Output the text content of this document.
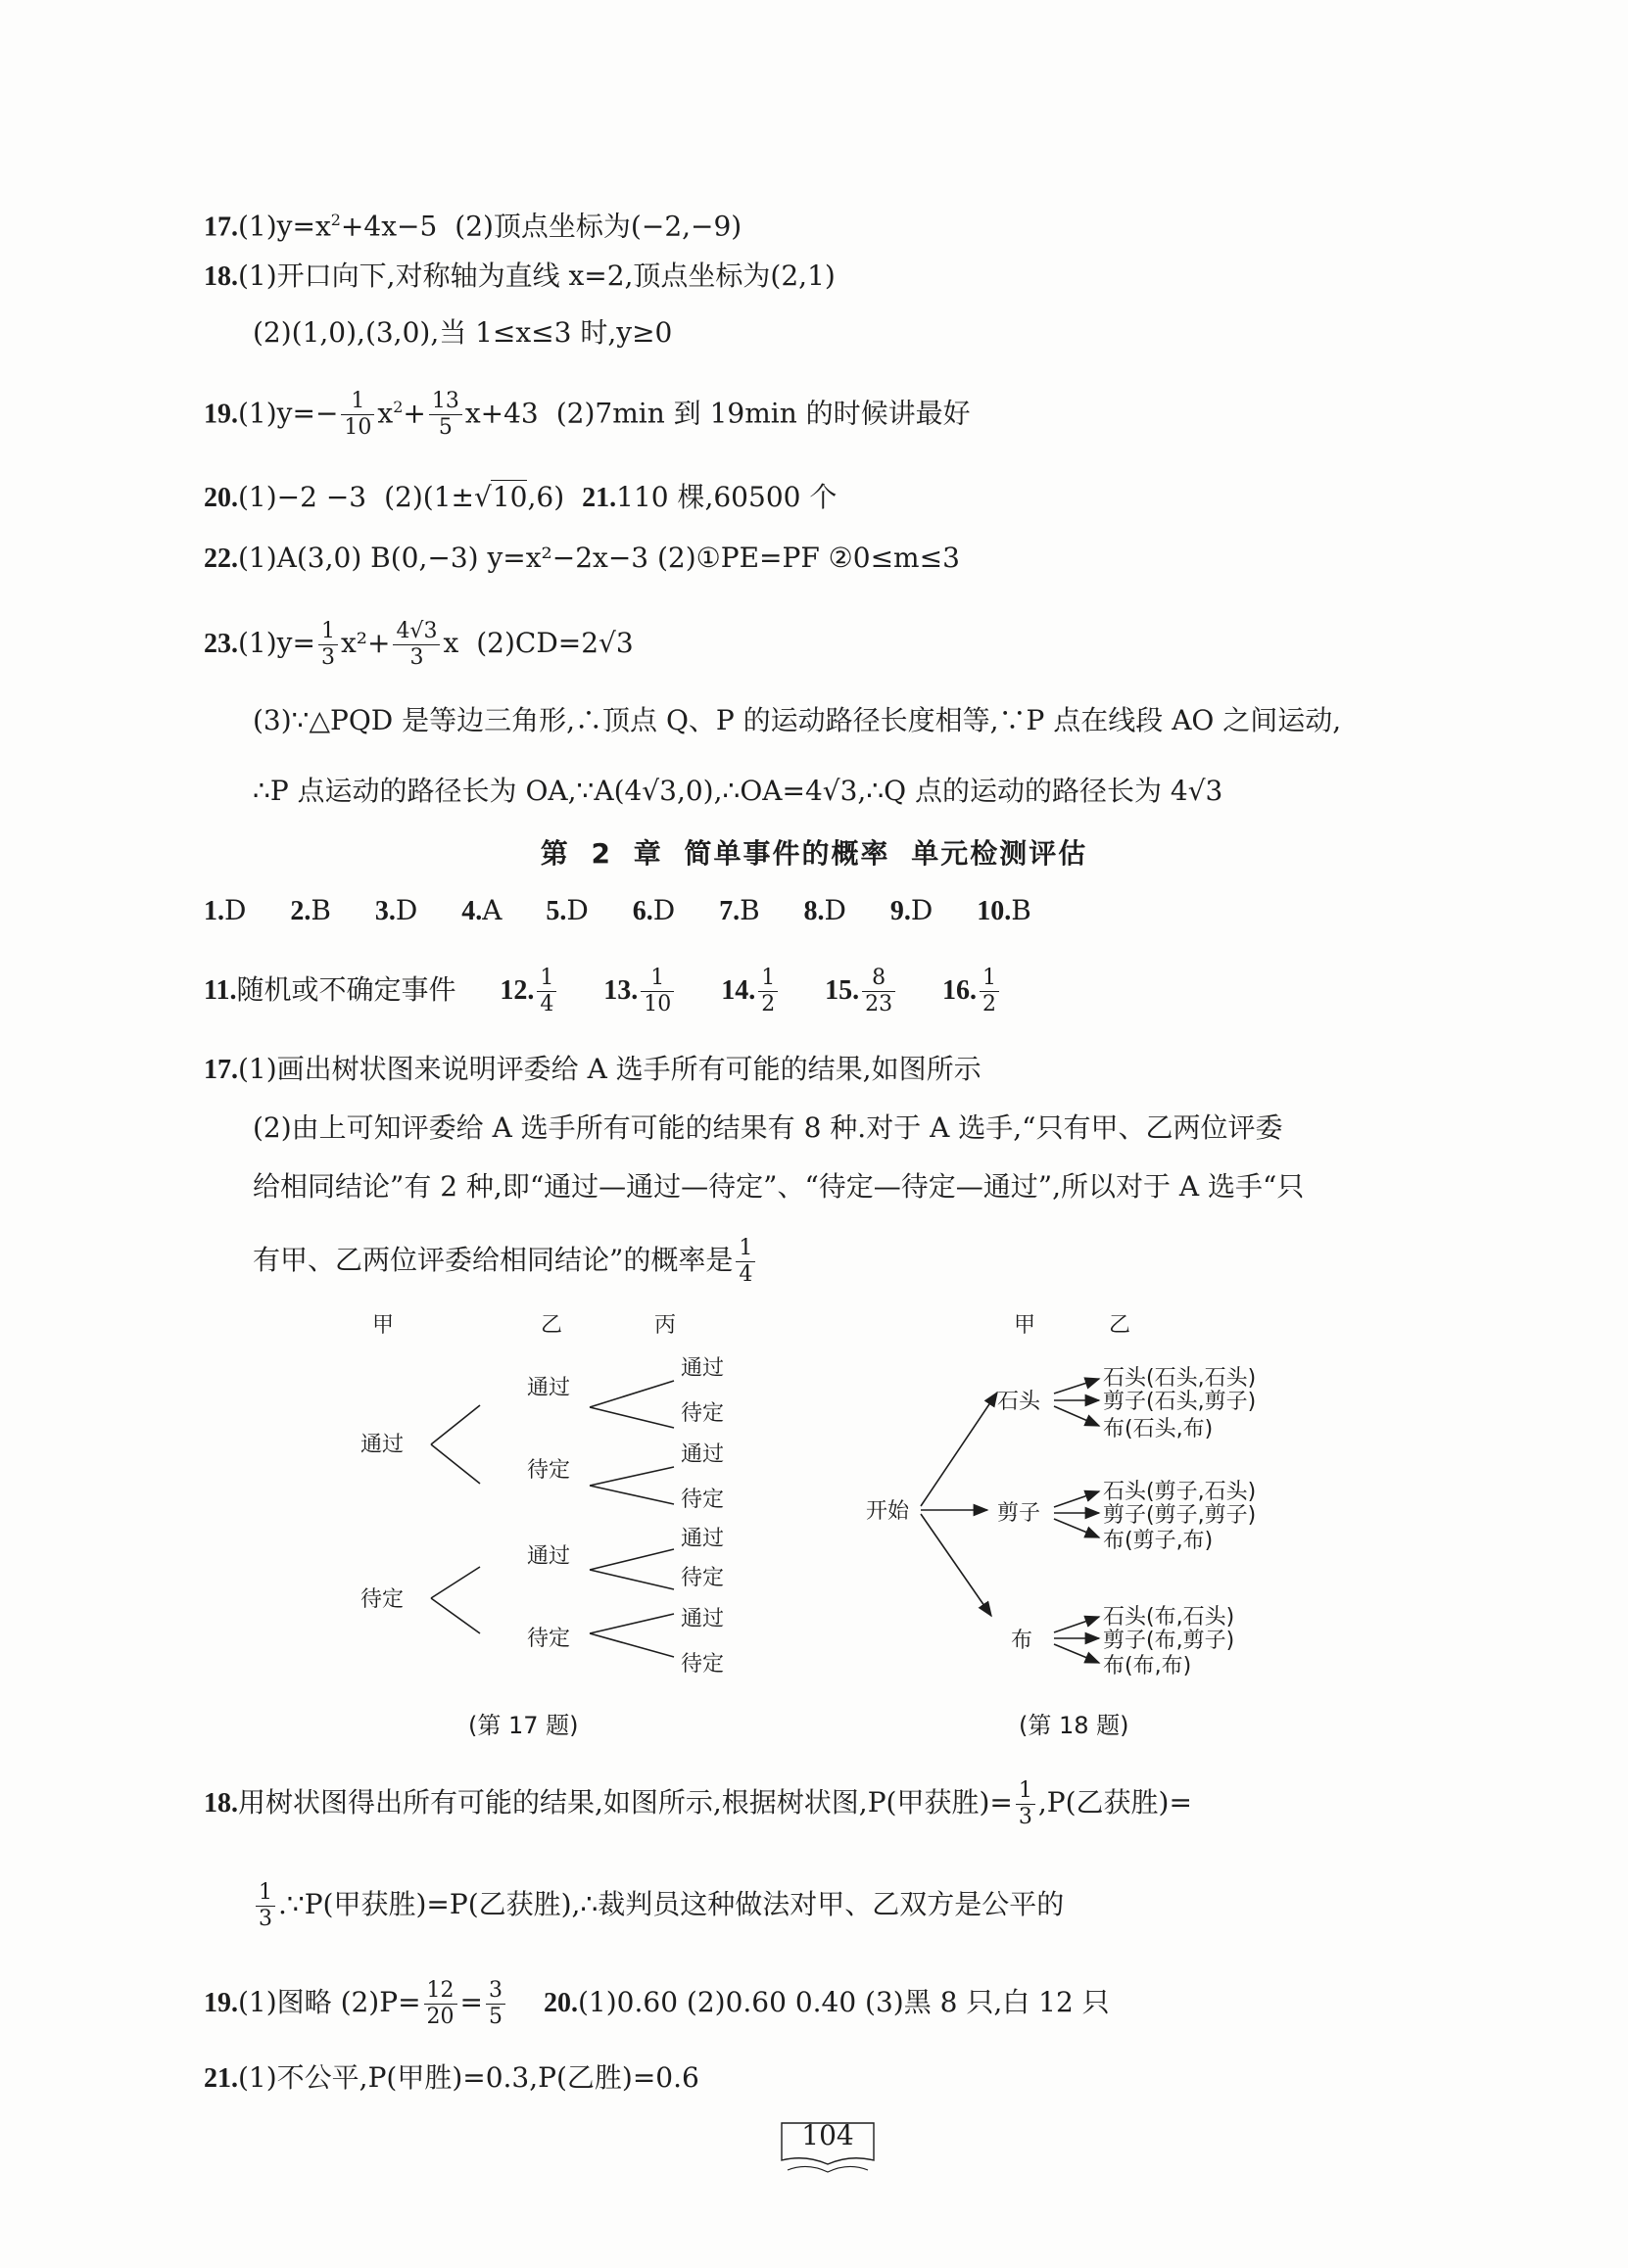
$17.(1)y=x^2+4x-5$ (2)顶点坐标为(−2,−9)
18.(1)开口向下,对称轴为直线 x=2,顶点坐标为(2,1)
(2)(1,0),(3,0),当 1≤x≤3 时,y≥0
$19.(1)y=- \frac{1}{10} x^2+ \frac{13}{5} x+43$ (2)7min 到 19min 的时候讲最好
20.(1)−2 −3 (2)(1±√10,6) 21.110 棵,60500 个
22.(1)A(3,0) B(0,−3) y=x²−2x−3 (2)①PE=PF ②0≤m≤3
$23.(1)y= \frac{1}{3} x^2+ \frac{4√3}{3}$ x (2)CD=2√3
(3)∵△PQD 是等边三角形,∴顶点 Q、P 的运动路径长度相等,∵P 点在线段 AO 之间运动,
∴P 点运动的路径长为 OA,∵A(4√3,0),∴OA=4√3,∴Q 点的运动的路径长为 4√3
第 2 章 简单事件的概率 单元检测评估
1.D 2.B 3.D 4.A 5.D 6.D 7.B 8.D 9.D 10.B
11.随机或不确定事件 12. $\frac{1}{4} 13$. $\frac{1}{10} 14$. $\frac{1}{2} 15$. $\frac{8}{23} 16$. $\frac{1}{2}$
17.(1)画出树状图来说明评委给 A 选手所有可能的结果,如图所示
(2)由上可知评委给 A 选手所有可能的结果有 8 种.对于 A 选手,“只有甲、乙两位评委
给相同结论”有 2 种,即“通过—通过—待定”、“待定—待定—通过”,所以对于 A 选手“只
有甲、乙两位评委给相同结论”的概率是 $\frac{1}{4}$
甲	乙	丙
通过
待定
通过
待定
通过
待定
通过
待定
通过
待定
通过
待定
通过
待定
(第 17 题)
甲	乙
开始
石头
剪子
布
石头(石头,石头)
剪子(石头,剪子)
布(石头,布)
石头(剪子,石头)
剪子(剪子,剪子)
布(剪子,布)
石头(布,石头)
剪子(布,剪子)
布(布,布)
(第 18 题)
18.用树状图得出所有可能的结果,如图所示,根据树状图,P(甲获胜)= $\frac{1}{3} ,P$(乙获胜)=
$\frac{1}{3}$ .∵P(甲获胜)=P(乙获胜),∴裁判员这种做法对甲、乙双方是公平的
19.(1)图略 $(2)P= \frac{12}{20} = \frac{3}{5} 20.(1)0.60$ (2)0.60 0.40 (3)黑 8 只,白 12 只
21.(1)不公平,P(甲胜)=0.3,P(乙胜)=0.6
104
